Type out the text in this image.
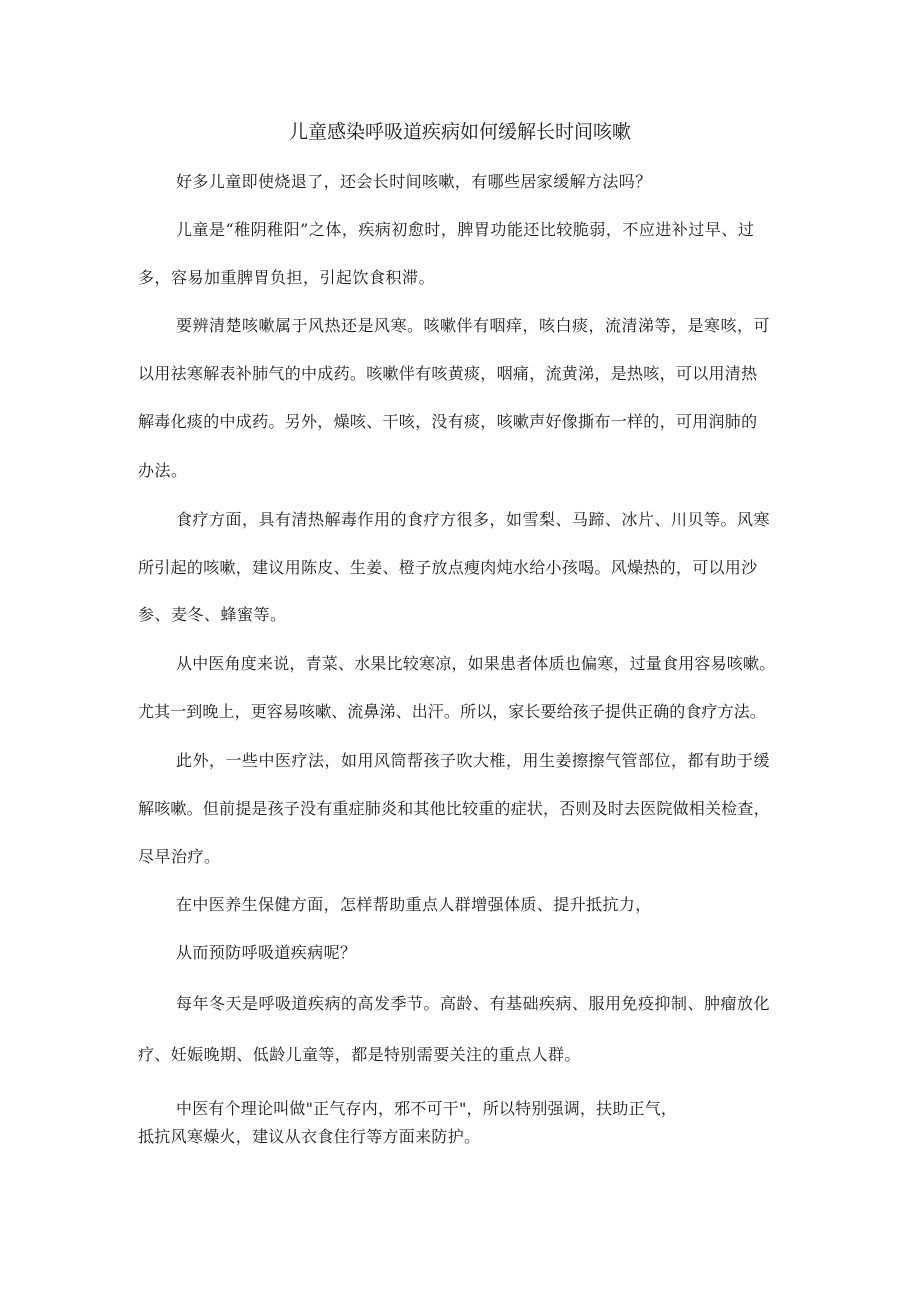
儿童感染呼吸道疾病如何缓解长时间咳嗽

好多儿童即使烧退了，还会长时间咳嗽，有哪些居家缓解方法吗？

儿童是“稚阴稚阳”之体，疾病初愈时，脾胃功能还比较脆弱，不应进补过早、过

多，容易加重脾胃负担，引起饮食积滞。

要辨清楚咳嗽属于风热还是风寒。咳嗽伴有咽痒，咳白痰，流清涕等，是寒咳，可

以用祛寒解表补肺气的中成药。咳嗽伴有咳黄痰，咽痛，流黄涕，是热咳，可以用清热

解毒化痰的中成药。另外，燥咳、干咳，没有痰，咳嗽声好像撕布一样的，可用润肺的

办法。

食疗方面，具有清热解毒作用的食疗方很多，如雪梨、马蹄、冰片、川贝等。风寒

所引起的咳嗽，建议用陈皮、生姜、橙子放点瘦肉炖水给小孩喝。风燥热的，可以用沙

参、麦冬、蜂蜜等。

从中医角度来说，青菜、水果比较寒凉，如果患者体质也偏寒，过量食用容易咳嗽。

尤其一到晚上，更容易咳嗽、流鼻涕、出汗。所以，家长要给孩子提供正确的食疗方法。

此外，一些中医疗法，如用风筒帮孩子吹大椎，用生姜擦擦气管部位，都有助于缓

解咳嗽。但前提是孩子没有重症肺炎和其他比较重的症状，否则及时去医院做相关检查，

尽早治疗。

在中医养生保健方面，怎样帮助重点人群增强体质、提升抵抗力，

从而预防呼吸道疾病呢？

每年冬天是呼吸道疾病的高发季节。高龄、有基础疾病、服用免疫抑制、肿瘤放化

疗、妊娠晚期、低龄儿童等，都是特别需要关注的重点人群。

中医有个理论叫做"正气存内，邪不可干"，所以特别强调，扶助正气，

抵抗风寒燥火，建议从衣食住行等方面来防护。
